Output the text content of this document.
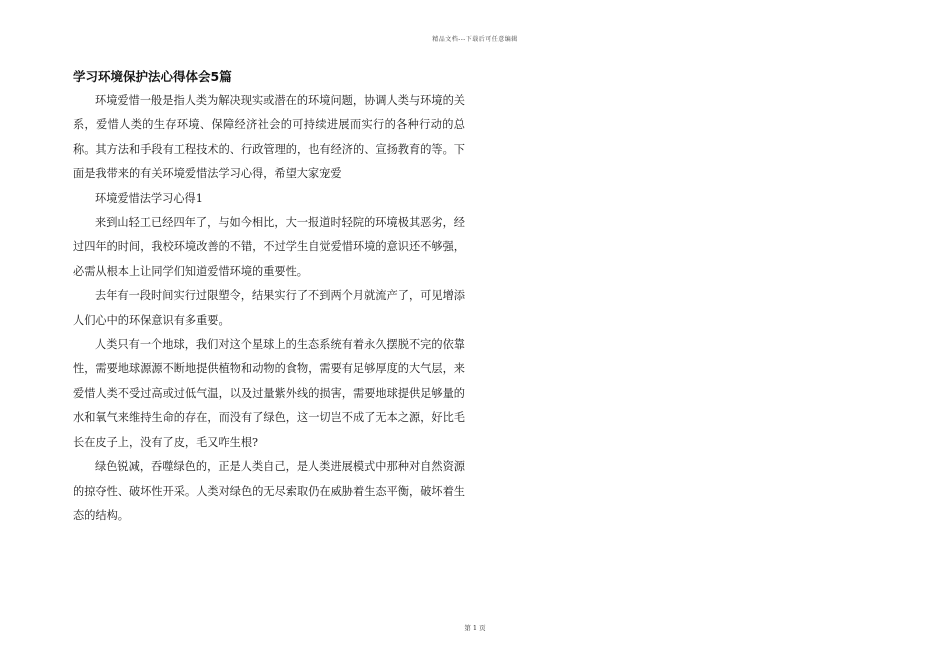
精品文档---下载后可任意编辑
学习环境保护法心得体会5篇

环境爱惜一般是指人类为解决现实或潜在的环境问题，协调人类与环境的关系，爱惜人类的生存环境、保障经济社会的可持续进展而实行的各种行动的总称。其方法和手段有工程技术的、行政管理的，也有经济的、宣扬教育的等。下面是我带来的有关环境爱惜法学习心得，希望大家宠爱

环境爱惜法学习心得1

来到山轻工已经四年了，与如今相比，大一报道时轻院的环境极其恶劣，经过四年的时间，我校环境改善的不错，不过学生自觉爱惜环境的意识还不够强，必需从根本上让同学们知道爱惜环境的重要性。

去年有一段时间实行过限塑令，结果实行了不到两个月就流产了，可见增添人们心中的环保意识有多重要。

人类只有一个地球，我们对这个星球上的生态系统有着永久摆脱不完的依靠性，需要地球源源不断地提供植物和动物的食物，需要有足够厚度的大气层，来爱惜人类不受过高或过低气温，以及过量紫外线的损害，需要地球提供足够量的水和氧气来维持生命的存在，而没有了绿色，这一切岂不成了无本之源，好比毛长在皮子上，没有了皮，毛又咋生根?

绿色锐减，吞噬绿色的，正是人类自己，是人类进展模式中那种对自然资源的掠夺性、破坏性开采。人类对绿色的无尽索取仍在威胁着生态平衡，破坏着生态的结构。

第 1 页
